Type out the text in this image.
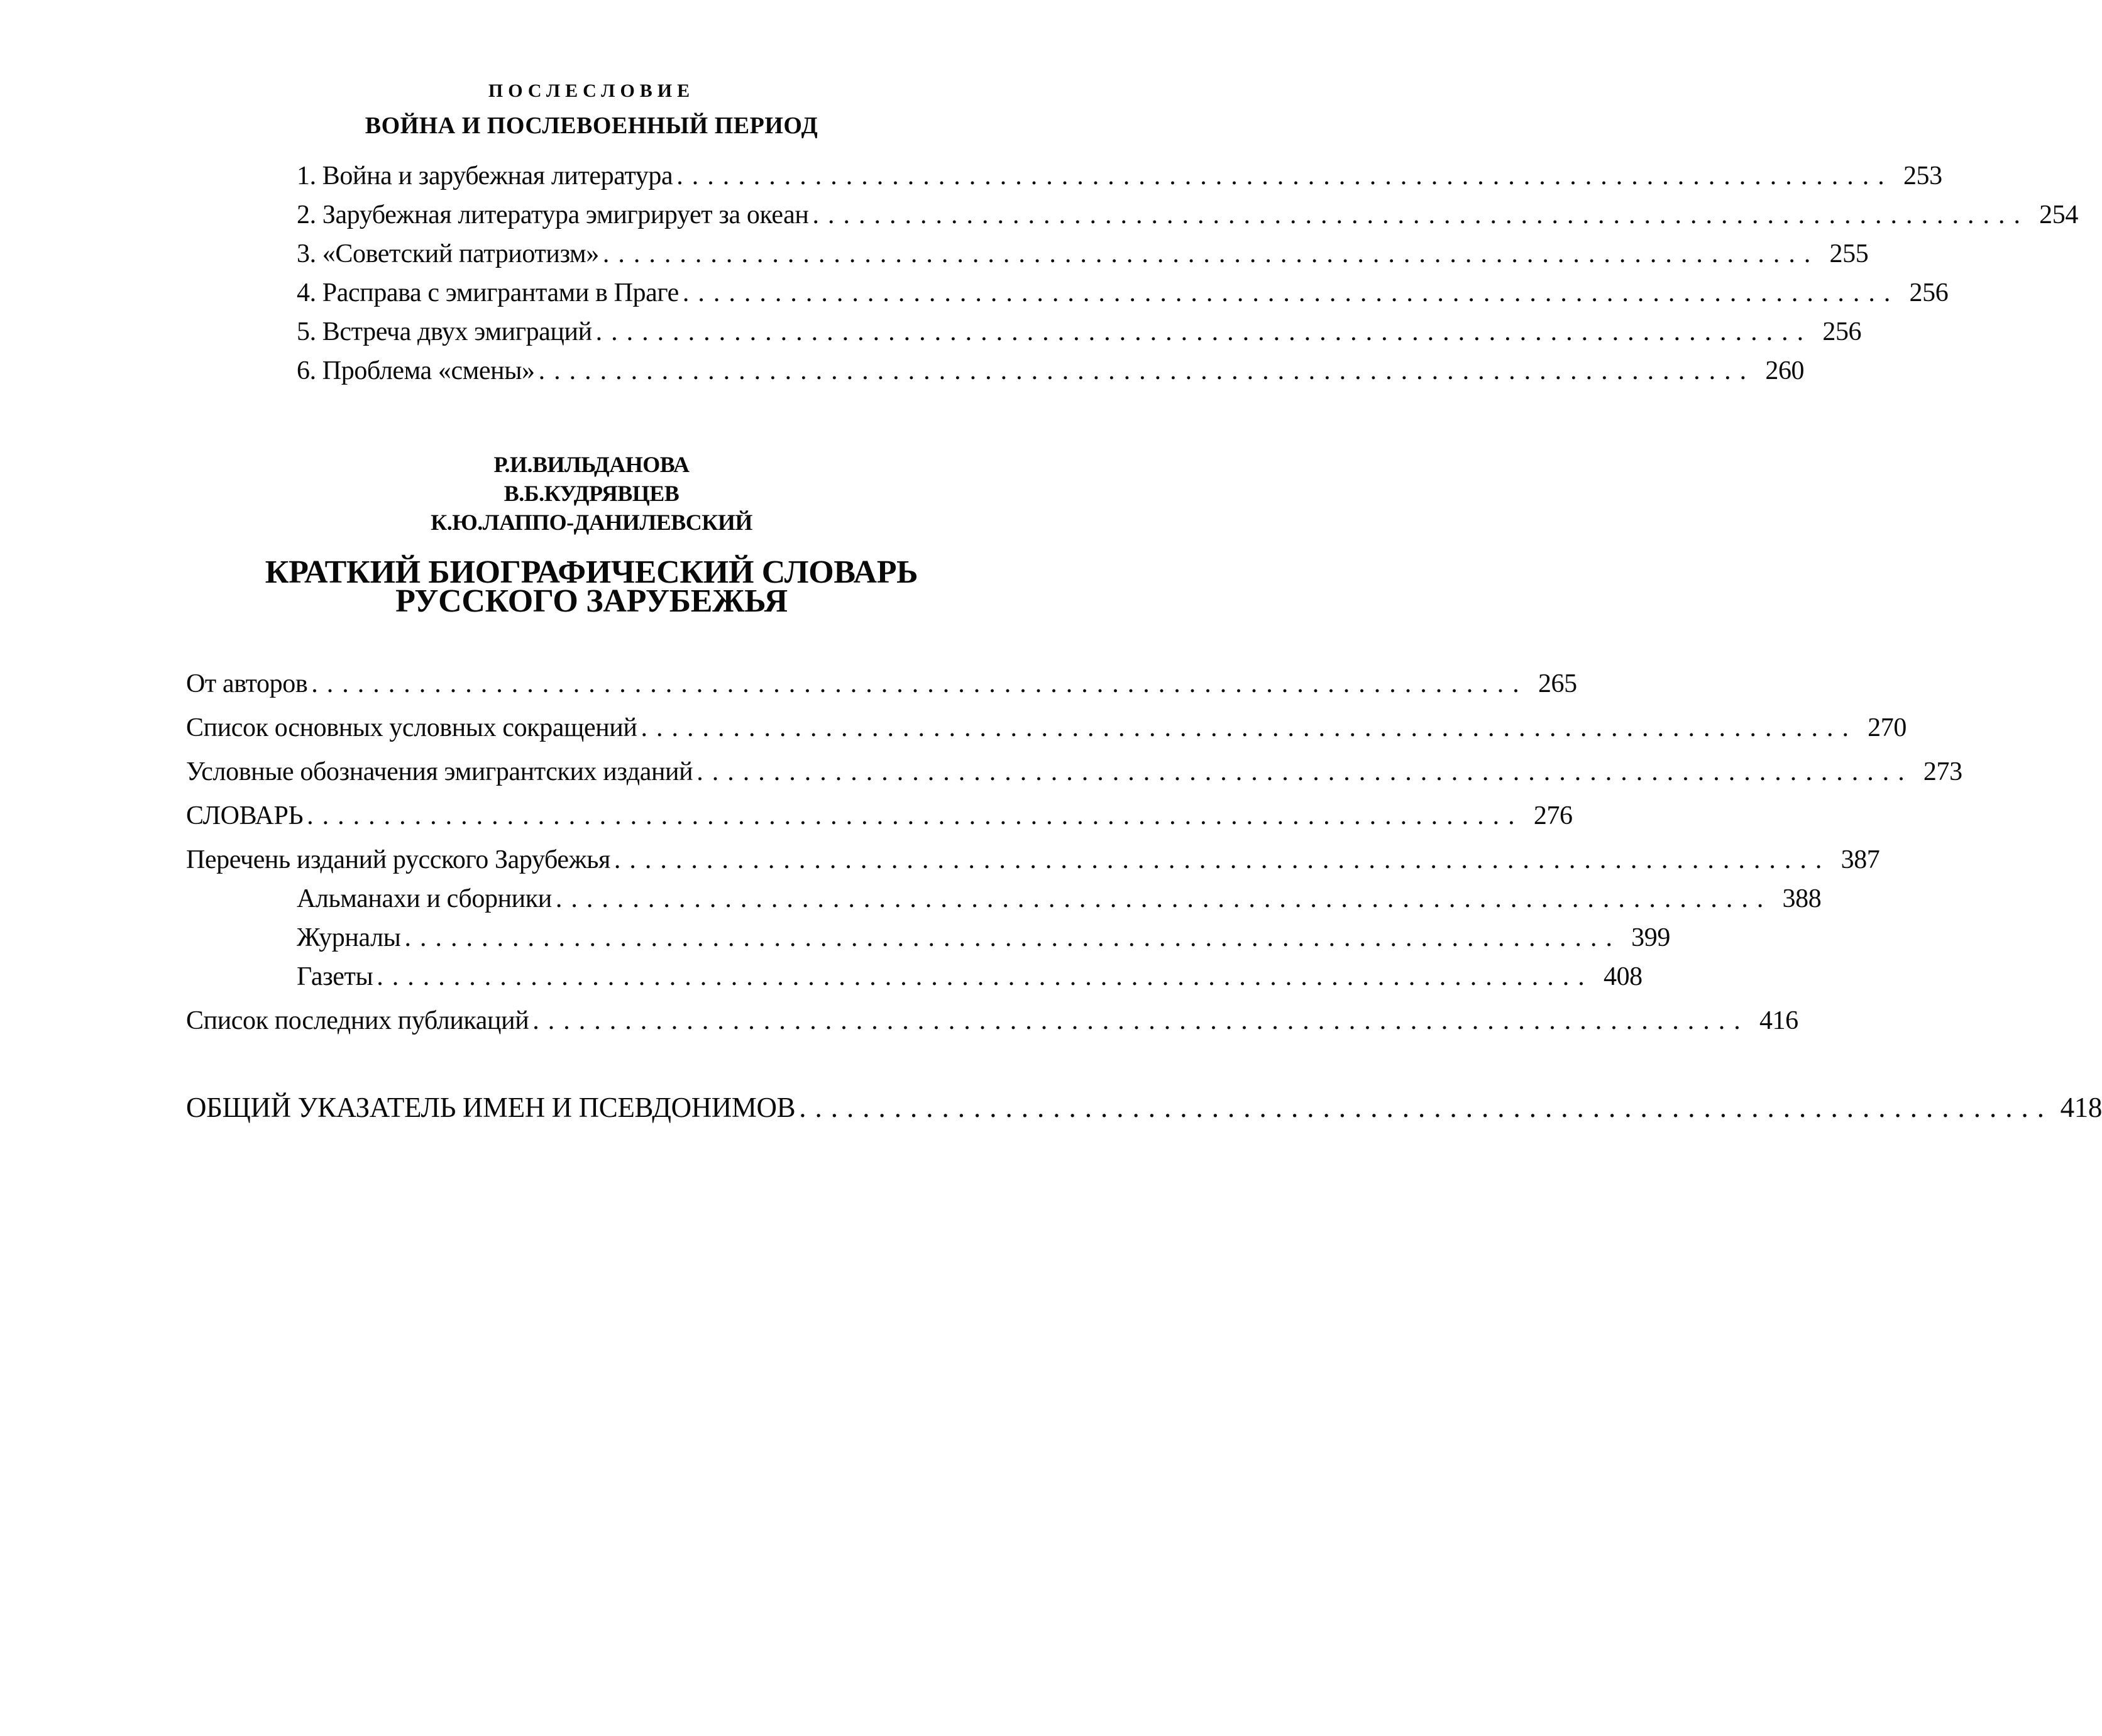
ПОСЛЕСЛОВИЕ
ВОЙНА И ПОСЛЕВОЕННЫЙ ПЕРИОД
1. Война и зарубежная литература ............................................................................... 253
2. Зарубежная литература эмигрирует за океан ............................................................................... 254
3. «Советский патриотизм» ............................................................................... 255
4. Расправа с эмигрантами в Праге ............................................................................... 256
5. Встреча двух эмиграций ............................................................................... 256
6. Проблема «смены» ............................................................................... 260
Р.И.ВИЛЬДАНОВА
В.Б.КУДРЯВЦЕВ
К.Ю.ЛАППО-ДАНИЛЕВСКИЙ
КРАТКИЙ БИОГРАФИЧЕСКИЙ СЛОВАРЬ
РУССКОГО ЗАРУБЕЖЬЯ
От авторов ............................................................................... 265
Список основных условных сокращений ............................................................................... 270
Условные обозначения эмигрантских изданий ............................................................................... 273
СЛОВАРЬ ............................................................................... 276
Перечень изданий русского Зарубежья ............................................................................... 387
Альманахи и сборники ............................................................................... 388
Журналы ............................................................................... 399
Газеты ............................................................................... 408
Список последних публикаций ............................................................................... 416
ОБЩИЙ УКАЗАТЕЛЬ ИМЕН И ПСЕВДОНИМОВ ............................................................................... 418
